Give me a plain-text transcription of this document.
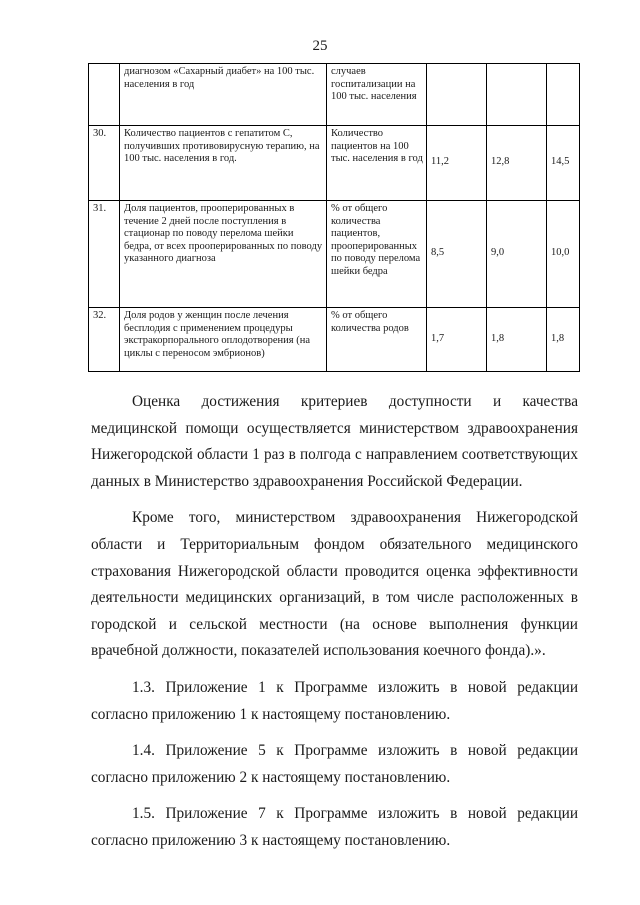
25
	диагнозом «Сахарный диабет» на 100 тыс. населения в год	случаев госпитализации на 100 тыс. населения			
30.	Количество пациентов с гепатитом С, получивших противовирусную терапию, на 100 тыс. населения в год.	Количество пациентов на 100 тыс. населения в год	11,2	12,8	14,5
31.	Доля пациентов, прооперированных в течение 2 дней после поступления в стационар по поводу перелома шейки бедра, от всех прооперированных по поводу указанного диагноза	% от общего количества пациентов, прооперированных по поводу перелома шейки бедра	8,5	9,0	10,0
32.	Доля родов у женщин после лечения бесплодия с применением процедуры экстракорпорального оплодотворения (на циклы с переносом эмбрионов)	% от общего количества родов	1,7	1,8	1,8

Оценка достижения критериев доступности и качества медицинской помощи осуществляется министерством здравоохранения Нижегородской области 1 раз в полгода с направлением соответствующих данных в Министерство здравоохранения Российской Федерации.

Кроме того, министерством здравоохранения Нижегородской области и Территориальным фондом обязательного медицинского страхования Нижегородской области проводится оценка эффективности деятельности медицинских организаций, в том числе расположенных в городской и сельской местности (на основе выполнения функции врачебной должности, показателей использования коечного фонда).».

1.3. Приложение 1 к Программе изложить в новой редакции согласно приложению 1 к настоящему постановлению.

1.4. Приложение 5 к Программе изложить в новой редакции согласно приложению 2 к настоящему постановлению.

1.5. Приложение 7 к Программе изложить в новой редакции согласно приложению 3 к настоящему постановлению.
